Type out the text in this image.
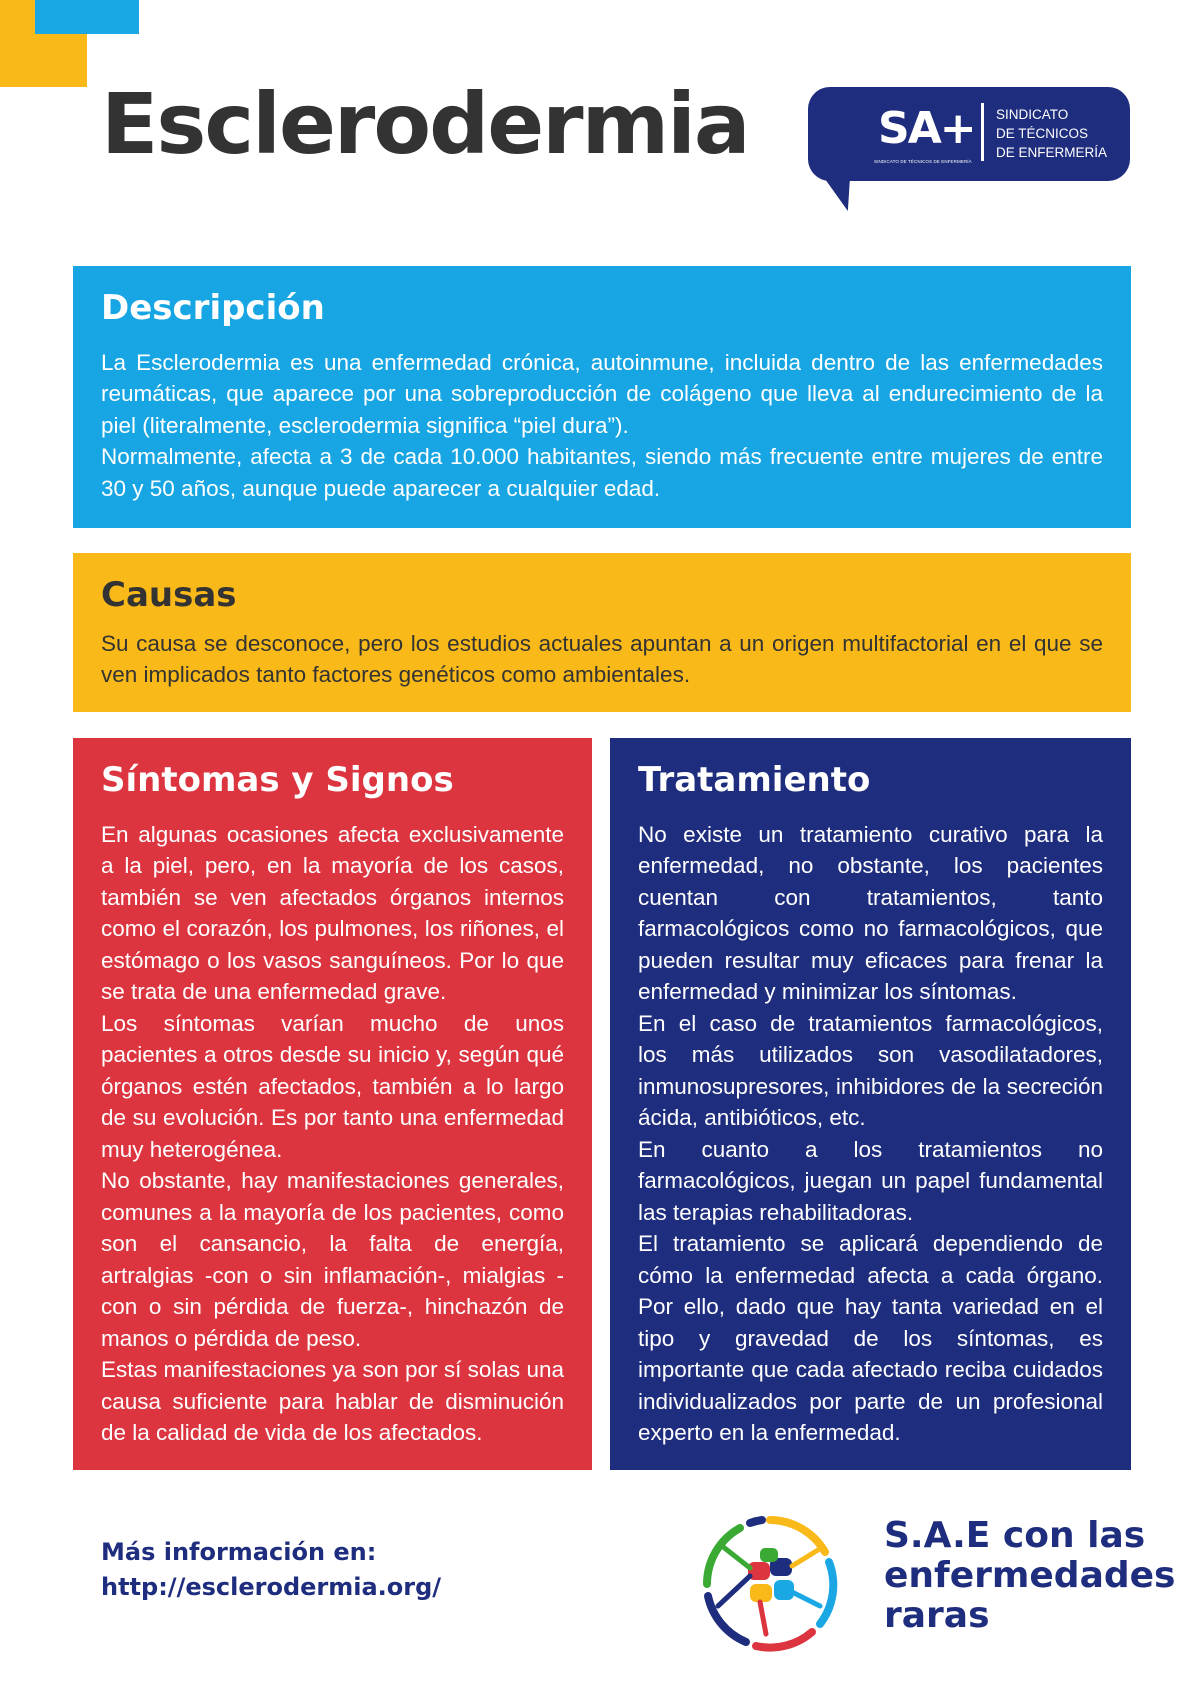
Esclerodermia	SA+
SINDICATO DE TÉCNICOS DE ENFERMERÍA
SINDICATO
DE TÉCNICOS
DE ENFERMERÍA
Descripción

La Esclerodermia es una enfermedad crónica, autoinmune, incluida dentro de las enfermedades reumáticas, que aparece por una sobreproducción de colágeno que lleva al endurecimiento de la piel (literalmente, esclerodermia significa “piel dura”).

Normalmente, afecta a 3 de cada 10.000 habitantes, siendo más frecuente entre mujeres de entre 30 y 50 años, aunque puede aparecer a cualquier edad.

Causas

Su causa se desconoce, pero los estudios actuales apuntan a un origen multifactorial en el que se ven implicados tanto factores genéticos como ambientales.

Síntomas y Signos

En algunas ocasiones afecta exclusivamente a la piel, pero, en la mayoría de los casos, también se ven afectados órganos internos como el corazón, los pulmones, los riñones, el estómago o los vasos sanguíneos. Por lo que se trata de una enfermedad grave.

Los síntomas varían mucho de unos pacientes a otros desde su inicio y, según qué órganos estén afectados, también a lo largo de su evolución. Es por tanto una enfermedad muy heterogénea.

No obstante, hay manifestaciones generales, comunes a la mayoría de los pacientes, como son el cansancio, la falta de energía, artralgias -con o sin inflamación-, mialgias -con o sin pérdida de fuerza-, hinchazón de manos o pérdida de peso.

Estas manifestaciones ya son por sí solas una causa suficiente para hablar de disminución de la calidad de vida de los afectados.

Tratamiento

No existe un tratamiento curativo para la enfermedad, no obstante, los pacientes cuentan con tratamientos, tanto farmacológicos como no farmacológicos, que pueden resultar muy eficaces para frenar la enfermedad y minimizar los síntomas.

En el caso de tratamientos farmacológicos, los más utilizados son vasodilatadores, inmunosupresores, inhibidores de la secreción ácida, antibióticos, etc.

En cuanto a los tratamientos no farmacológicos, juegan un papel fundamental las terapias rehabilitadoras.

El tratamiento se aplicará dependiendo de cómo la enfermedad afecta a cada órgano. Por ello, dado que hay tanta variedad en el tipo y gravedad de los síntomas, es importante que cada afectado reciba cuidados individualizados por parte de un profesional experto en la enfermedad.

Más información en:
http://esclerodermia.org/
S.A.E con las enfermedades raras
